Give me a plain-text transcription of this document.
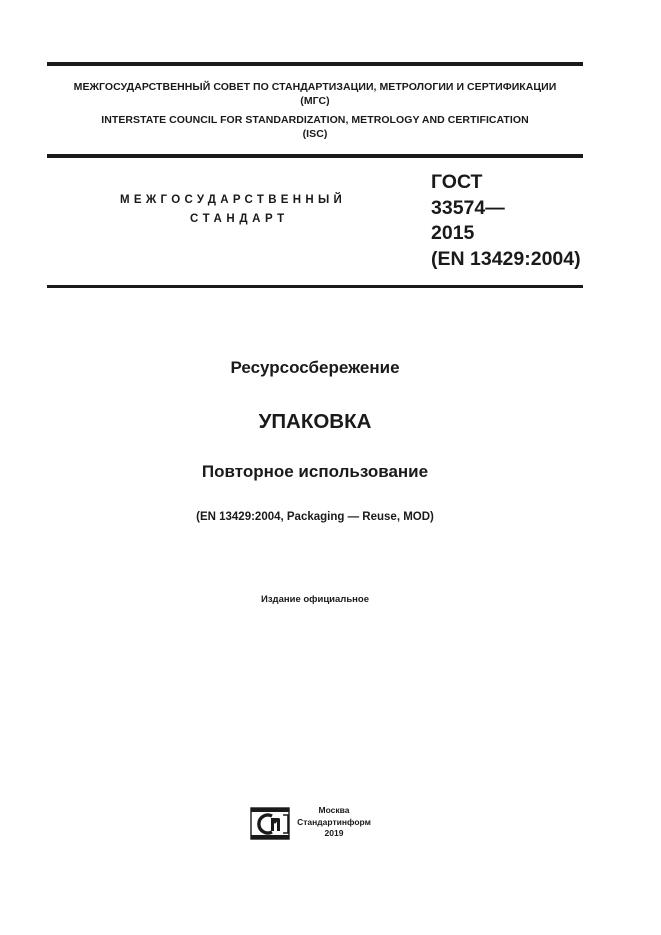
МЕЖГОСУДАРСТВЕННЫЙ СОВЕТ ПО СТАНДАРТИЗАЦИИ, МЕТРОЛОГИИ И СЕРТИФИКАЦИИ
(МГС)
INTERSTATE COUNCIL FOR STANDARDIZATION, METROLOGY AND CERTIFICATION
(ISC)
МЕЖГОСУДАРСТВЕННЫЙ
СТАНДАРТ
ГОСТ
33574—
2015
(EN 13429:2004)
Ресурсосбережение
УПАКОВКА
Повторное использование
(EN 13429:2004, Packaging — Reuse, MOD)
Издание официальное
Москва
Стандартинформ
2019
